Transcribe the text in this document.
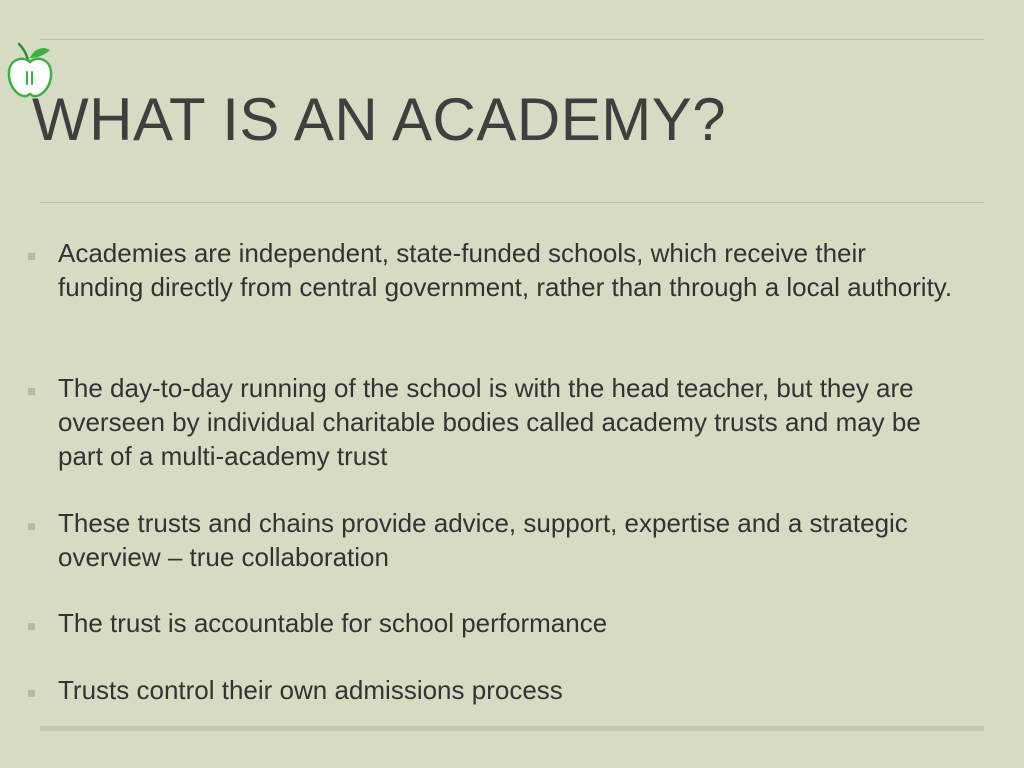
WHAT IS AN ACADEMY?
Academies are independent, state-funded schools, which receive their funding directly from central government, rather than through a local authority.
The day-to-day running of the school is with the head teacher, but they are overseen by individual charitable bodies called academy trusts and may be part of a multi-academy trust
These trusts and chains provide advice, support, expertise and a strategic overview – true collaboration
The trust is accountable for school performance
Trusts control their own admissions process
